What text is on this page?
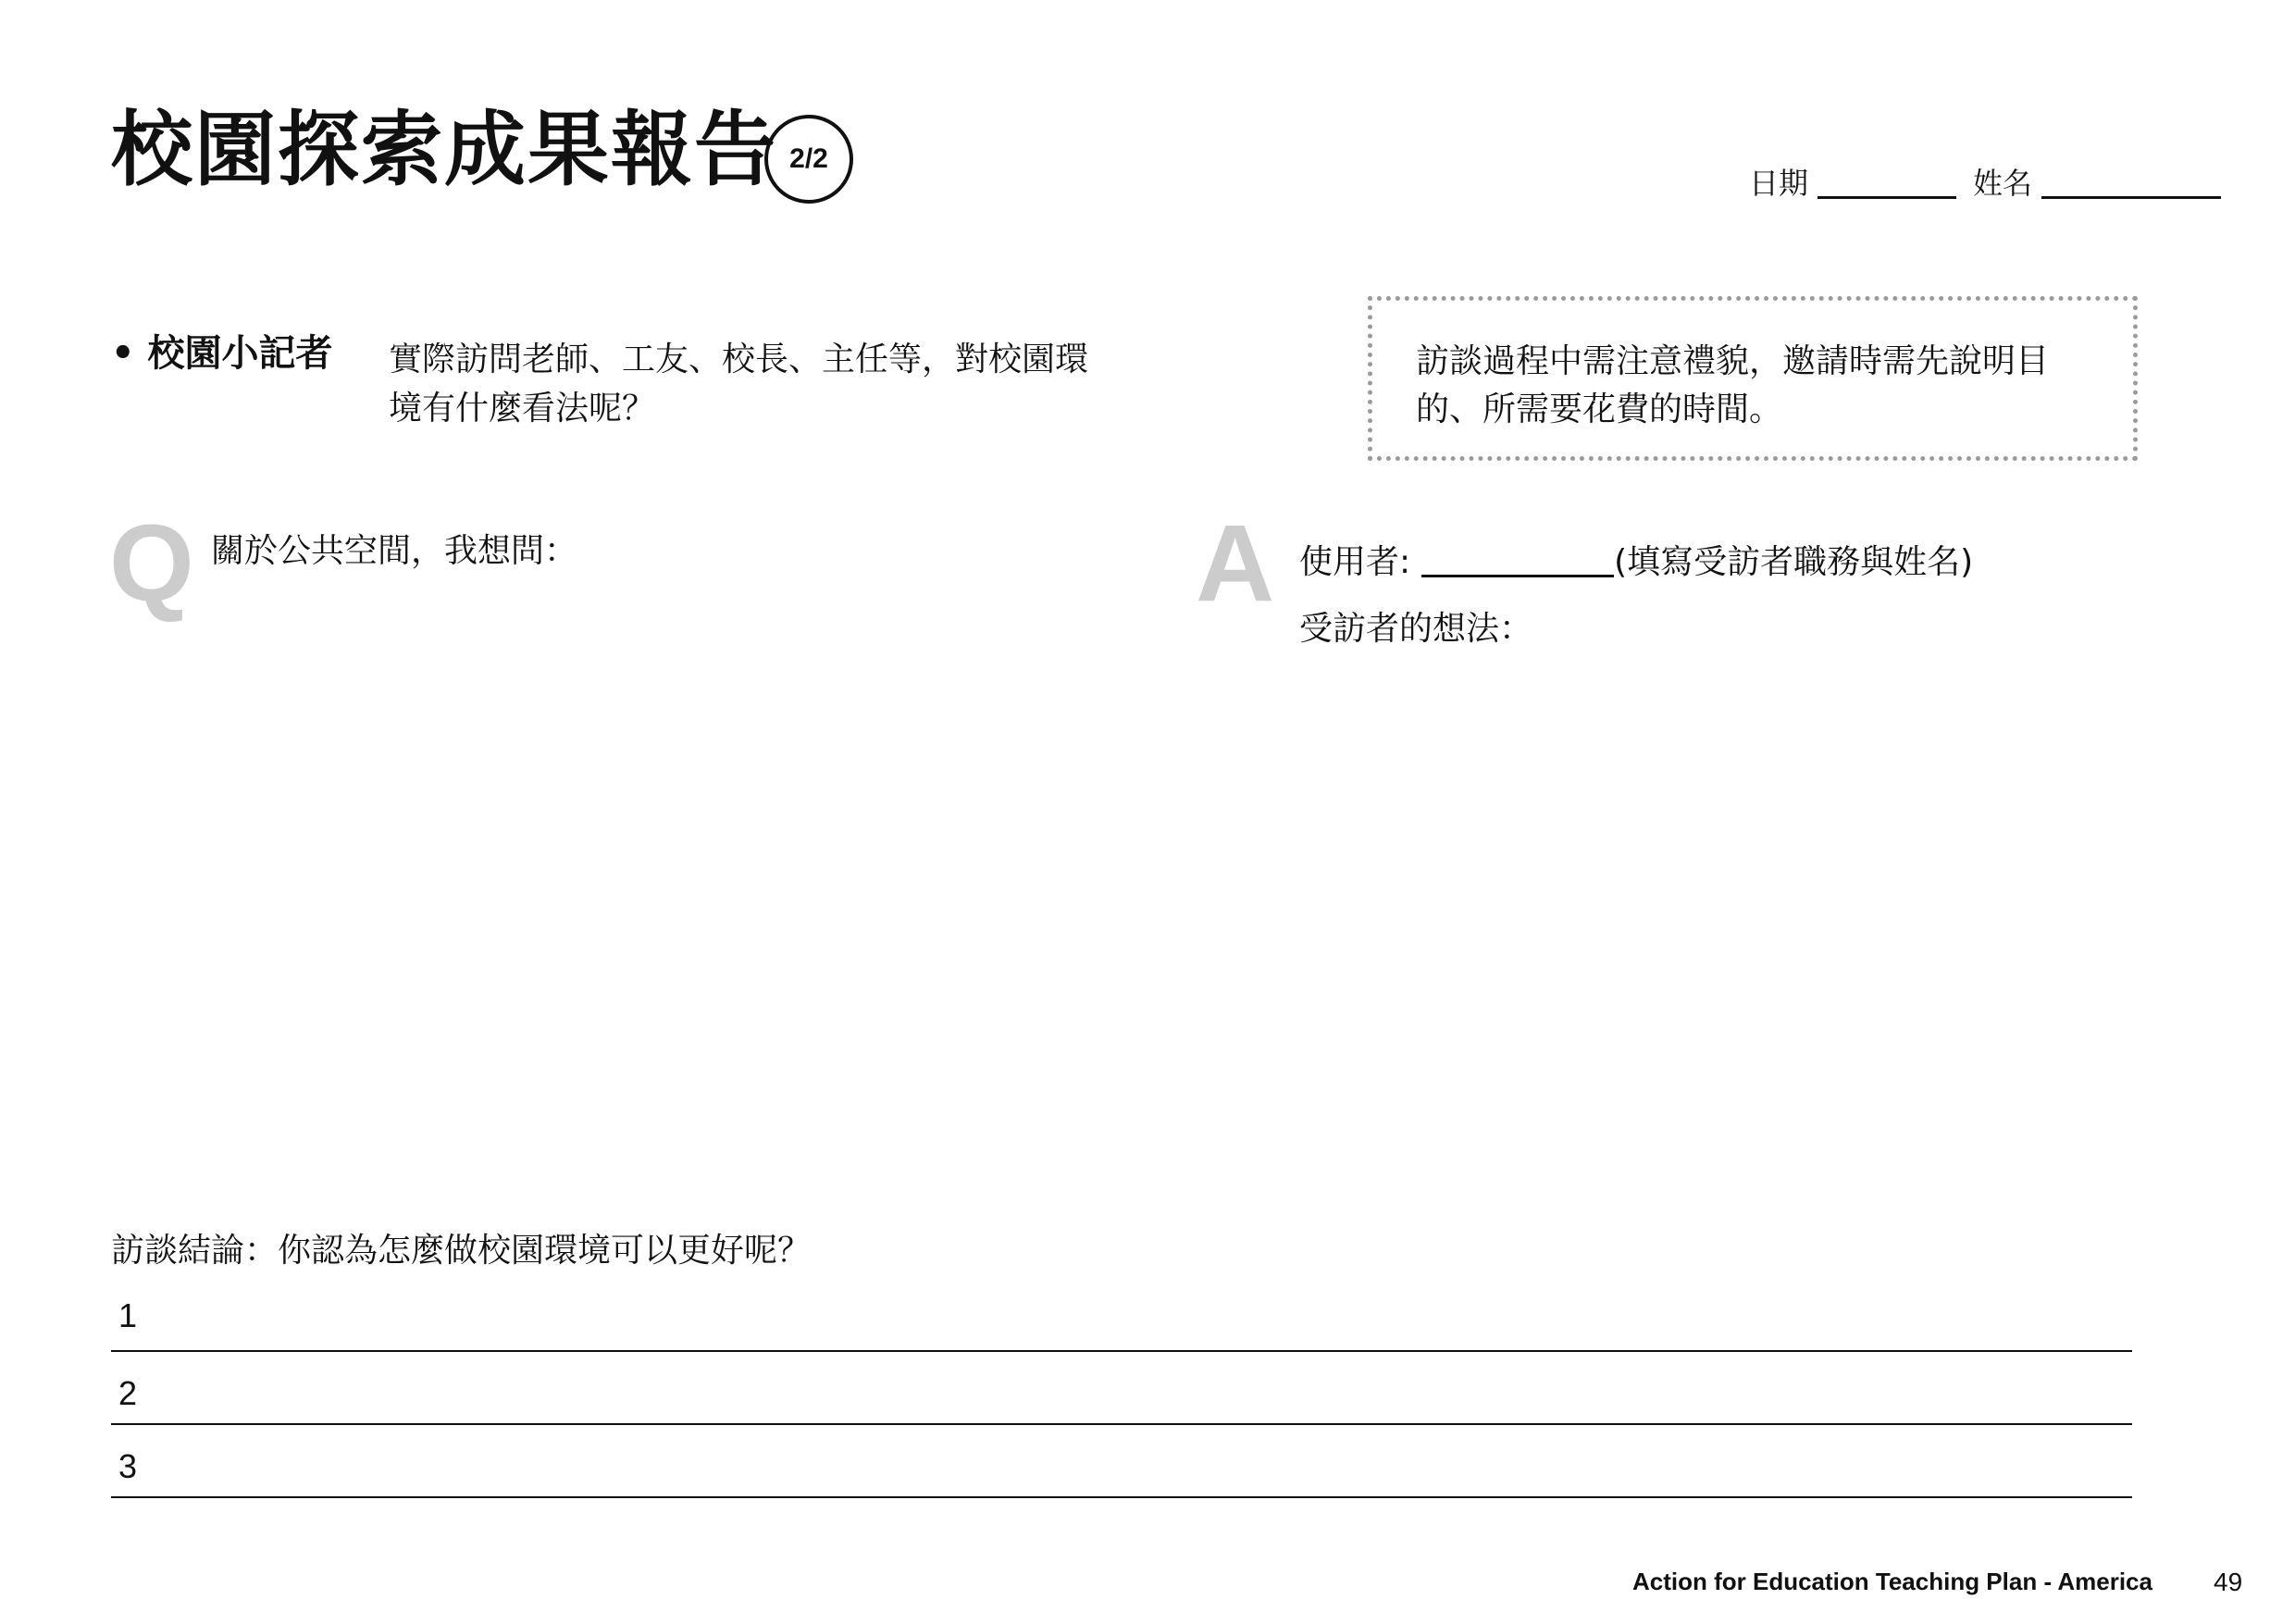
校園探索成果報告 2/2
日期	姓名
• 校園小記者 實際訪問老師、工友、校長、主任等，對校園環境有什麼看法呢？
訪談過程中需注意禮貌，邀請時需先說明目的、所需要花費的時間。
Q 關於公共空間，我想問：	A 使用者:	(填寫受訪者職務與姓名)
受訪者的想法：
訪談結論：你認為怎麼做校園環境可以更好呢？
1
2
3
Action for Education Teaching Plan - America 49
